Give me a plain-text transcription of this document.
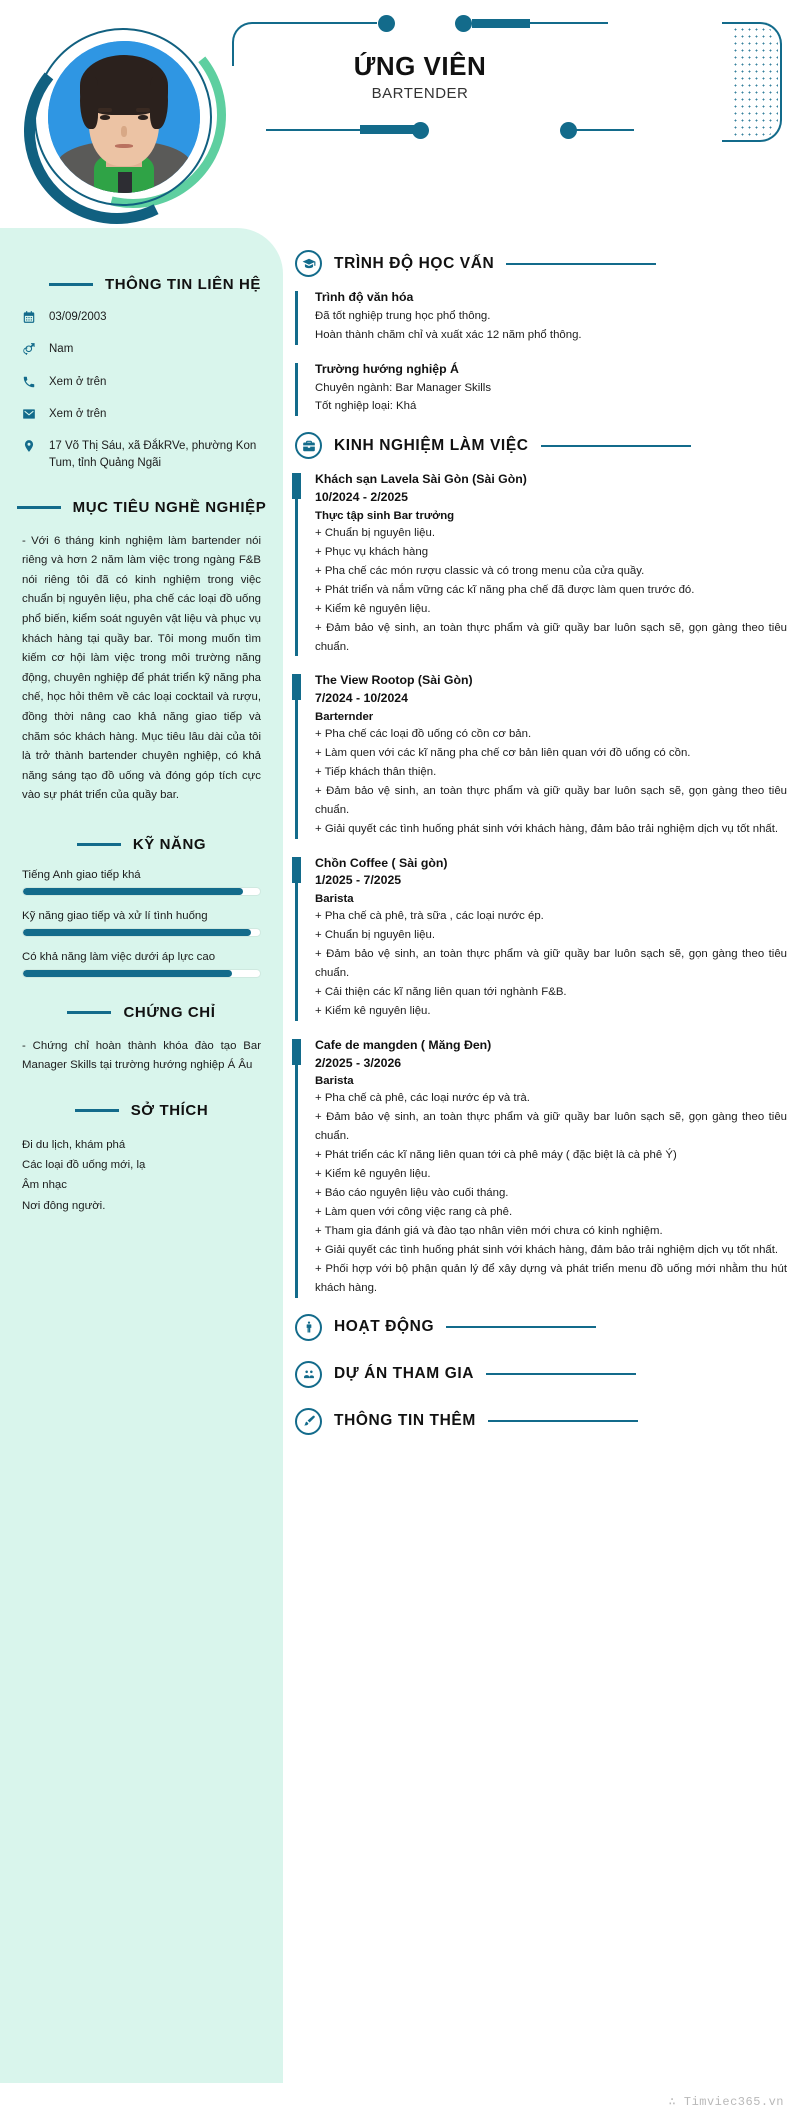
ỨNG VIÊN
BARTENDER
THÔNG TIN LIÊN HỆ
03/09/2003
Nam
Xem ở trên
Xem ở trên
17 Võ Thị Sáu, xã ĐắkRVe, phường Kon Tum, tỉnh Quảng Ngãi
MỤC TIÊU NGHỀ NGHIỆP
- Với 6 tháng kinh nghiệm làm bartender nói riêng và hơn 2 năm làm việc trong ngàng F&B nói riêng tôi đã có kinh nghiệm trong việc chuẩn bị nguyên liệu, pha chế các loại đồ uống phổ biến, kiểm soát nguyên vật liệu và phục vụ khách hàng tại quầy bar. Tôi mong muốn tìm kiếm cơ hội làm việc trong môi trường năng động, chuyên nghiệp để phát triển kỹ năng pha chế, học hỏi thêm về các loại cocktail và rượu, đồng thời nâng cao khả năng giao tiếp và chăm sóc khách hàng. Mục tiêu lâu dài của tôi là trở thành bartender chuyên nghiệp, có khả năng sáng tạo đồ uống và đóng góp tích cực vào sự phát triển của quầy bar.
KỸ NĂNG
Tiếng Anh giao tiếp khá
Kỹ năng giao tiếp và xử lí tình huống
Có khả năng làm việc dưới áp lực cao
CHỨNG CHỈ
- Chứng chỉ hoàn thành khóa đào tạo Bar Manager Skills tại trường hướng nghiệp Á Âu
SỞ THÍCH
Đi du lịch, khám phá
Các loại đồ uống mới, lạ
Âm nhạc
Nơi đông người.
TRÌNH ĐỘ HỌC VẤN
Trình độ văn hóa
Đã tốt nghiệp trung học phổ thông.
Hoàn thành chăm chỉ và xuất xác 12 năm phổ thông.
Trường hướng nghiệp Á
Chuyên ngành: Bar Manager Skills
Tốt nghiệp loại: Khá
KINH NGHIỆM LÀM VIỆC
Khách sạn Lavela Sài Gòn (Sài Gòn)
10/2024 - 2/2025
Thực tập sinh Bar trưởng
+ Chuẩn bị nguyên liệu.
+ Phục vụ khách hàng
+ Pha chế các món rượu classic và có trong menu của cửa quầy.
+ Phát triển và nắm vững các kĩ năng pha chế đã được làm quen trước đó.
+ Kiểm kê nguyên liệu.
+ Đảm bảo vệ sinh, an toàn thực phẩm và giữ quầy bar luôn sạch sẽ, gọn gàng theo tiêu chuẩn.
The View Rootop (Sài Gòn)
7/2024 - 10/2024
Barternder
+ Pha chế các loại đồ uống có cồn cơ bản.
+ Làm quen với các kĩ năng pha chế cơ bản liên quan với đồ uống có cồn.
+ Tiếp khách thân thiện.
+ Đảm bảo vệ sinh, an toàn thực phẩm và giữ quầy bar luôn sạch sẽ, gọn gàng theo tiêu chuẩn.
+ Giải quyết các tình huống phát sinh với khách hàng, đảm bảo trải nghiệm dịch vụ tốt nhất.
Chồn Coffee ( Sài gòn)
1/2025 - 7/2025
Barista
+ Pha chế cà phê, trà sữa , các loại nước ép.
+ Chuẩn bị nguyên liệu.
+ Đảm bảo vệ sinh, an toàn thực phẩm và giữ quầy bar luôn sạch sẽ, gọn gàng theo tiêu chuẩn.
+ Cải thiện các kĩ năng liên quan tới nghành F&B.
+ Kiểm kê nguyên liệu.
Cafe de mangden ( Măng Đen)
2/2025 - 3/2026
Barista
+ Pha chế cà phê, các loại nước ép và trà.
+ Đảm bảo vệ sinh, an toàn thực phẩm và giữ quầy bar luôn sạch sẽ, gọn gàng theo tiêu chuẩn.
+ Phát triển các kĩ năng liên quan tới cà phê máy ( đặc biệt là cà phê Ý)
+ Kiểm kê nguyên liệu.
+ Báo cáo nguyên liệu vào cuối tháng.
+ Làm quen với công việc rang cà phê.
+ Tham gia đánh giá và đào tạo nhân viên mới chưa có kinh nghiệm.
+ Giải quyết các tình huống phát sinh với khách hàng, đảm bảo trải nghiệm dịch vụ tốt nhất.
+ Phối hợp với bộ phận quản lý để xây dựng và phát triển menu đồ uống mới nhằm thu hút khách hàng.
HOẠT ĐỘNG
DỰ ÁN THAM GIA
THÔNG TIN THÊM
∴ Timviec365.vn
